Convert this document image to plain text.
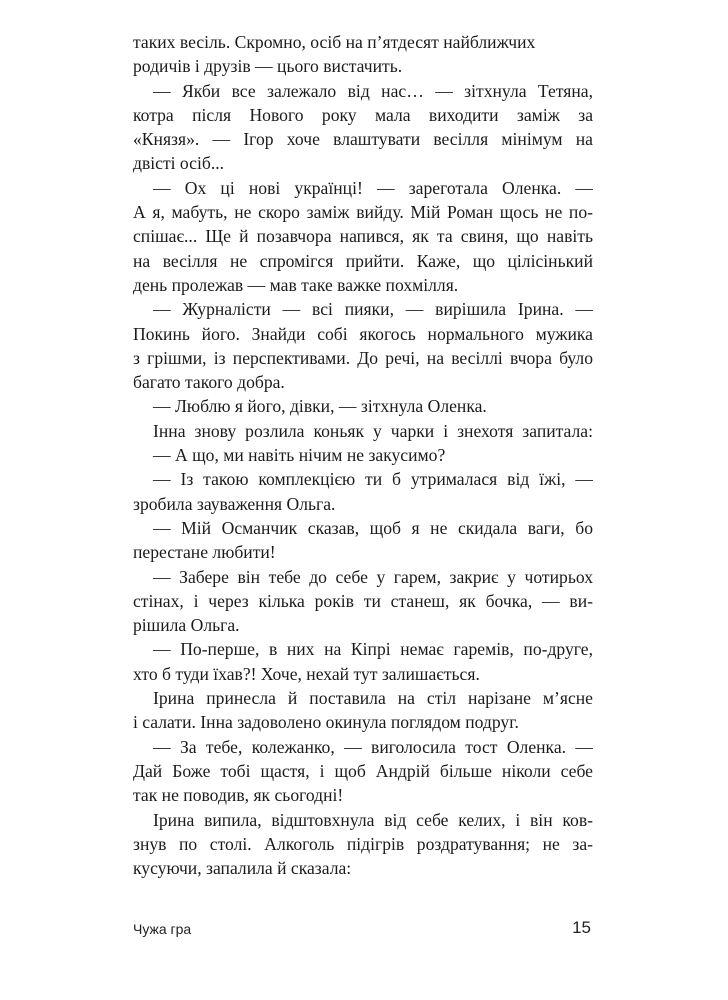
таких весіль. Скромно, осіб на п’ятдесят найближчих
родичів і друзів — цього вистачить.
— Якби все залежало від нас… — зітхнула Тетяна,
котра після Нового року мала виходити заміж за
«Князя». — Ігор хоче влаштувати весілля мінімум на
двісті осіб...
— Ох ці нові українці! — зареготала Оленка. —
А я, мабуть, не скоро заміж вийду. Мій Роман щось не по-
спішає... Ще й позавчора напився, як та свиня, що навіть
на весілля не спромігся прийти. Каже, що цілісінький
день пролежав — мав таке важке похмілля.
— Журналісти — всі пияки, — вирішила Ірина. —
Покинь його. Знайди собі якогось нормального мужика
з грішми, із перспективами. До речі, на весіллі вчора було
багато такого добра.
— Люблю я його, дівки, — зітхнула Оленка.
Інна знову розлила коньяк у чарки і знехотя запитала:
— А що, ми навіть нічим не закусимо?
— Із такою комплекцією ти б утрималася від їжі, —
зробила зауваження Ольга.
— Мій Османчик сказав, щоб я не скидала ваги, бо
перестане любити!
— Забере він тебе до себе у гарем, закриє у чотирьох
стінах, і через кілька років ти станеш, як бочка, — ви-
рішила Ольга.
— По-перше, в них на Кіпрі немає гаремів, по-друге,
хто б туди їхав?! Хоче, нехай тут залишається.
Ірина принесла й поставила на стіл нарізане м’ясне
і салати. Інна задоволено окинула поглядом подруг.
— За тебе, колежанко, — виголосила тост Оленка. —
Дай Боже тобі щастя, і щоб Андрій більше ніколи себе
так не поводив, як сьогодні!
Ірина випила, відштовхнула від себе келих, і він ков-
знув по столі. Алкоголь підігрів роздратування; не за-
кусуючи, запалила й сказала:
Чужа гра	15
